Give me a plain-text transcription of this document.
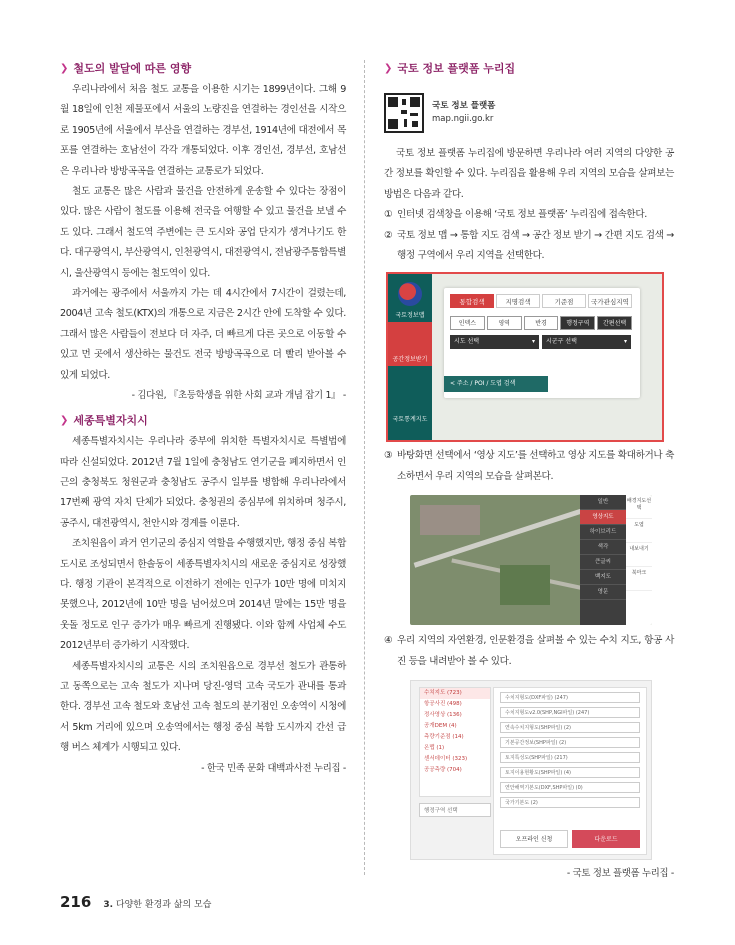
❯ 철도의 발달에 따른 영향

우리나라에서 처음 철도 교통을 이용한 시기는 1899년이다. 그해 9월 18일에 인천 제물포에서 서울의 노량진을 연결하는 경인선을 시작으로 1905년에 서울에서 부산을 연결하는 경부선, 1914년에 대전에서 목포를 연결하는 호남선이 각각 개통되었다. 이후 경인선, 경부선, 호남선은 우리나라 방방곡곡을 연결하는 교통로가 되었다.

철도 교통은 많은 사람과 물건을 안전하게 운송할 수 있다는 장점이 있다. 많은 사람이 철도를 이용해 전국을 여행할 수 있고 물건을 보낼 수도 있다. 그래서 철도역 주변에는 큰 도시와 공업 단지가 생겨나기도 한다. 대구광역시, 부산광역시, 인천광역시, 대전광역시, 전남광주통합특별시, 울산광역시 등에는 철도역이 있다.

과거에는 광주에서 서울까지 가는 데 4시간에서 7시간이 걸렸는데, 2004년 고속 철도(KTX)의 개통으로 지금은 2시간 안에 도착할 수 있다. 그래서 많은 사람들이 전보다 더 자주, 더 빠르게 다른 곳으로 이동할 수 있고 먼 곳에서 생산하는 물건도 전국 방방곡곡으로 더 빨리 받아볼 수 있게 되었다.

- 김다원, 『초등학생을 위한 사회 교과 개념 잡기 1』 -
❯ 세종특별자치시

세종특별자치시는 우리나라 중부에 위치한 특별자치시로 특별법에 따라 신설되었다. 2012년 7월 1일에 충청남도 연기군을 폐지하면서 인근의 충청북도 청원군과 충청남도 공주시 일부를 병합해 우리나라에서 17번째 광역 자치 단체가 되었다. 충청권의 중심부에 위치하며 청주시, 공주시, 대전광역시, 천안시와 경계를 이룬다.

조치원읍이 과거 연기군의 중심지 역할을 수행했지만, 행정 중심 복합 도시로 조성되면서 한솔동이 세종특별자치시의 새로운 중심지로 성장했다. 행정 기관이 본격적으로 이전하기 전에는 인구가 10만 명에 미치지 못했으나, 2012년에 10만 명을 넘어섰으며 2014년 말에는 15만 명을 웃돌 정도로 인구 증가가 매우 빠르게 진행됐다. 이와 함께 사업체 수도 2012년부터 증가하기 시작했다.

세종특별자치시의 교통은 시의 조치원읍으로 경부선 철도가 관통하고 동쪽으로는 고속 철도가 지나며 당진-영덕 고속 국도가 관내를 통과한다. 경부선 고속 철도와 호남선 고속 철도의 분기점인 오송역이 시청에서 5km 거리에 있으며 오송역에서는 행정 중심 복합 도시까지 간선 급행 버스 체계가 시행되고 있다.

- 한국 민족 문화 대백과사전 누리집 -
❯ 국토 정보 플랫폼 누리집
국토 정보 플랫폼
map.ngii.go.kr

국토 정보 플랫폼 누리집에 방문하면 우리나라 여러 지역의 다양한 공간 정보를 확인할 수 있다. 누리집을 활용해 우리 지역의 모습을 살펴보는 방법은 다음과 같다.

① 인터넷 검색창을 이용해 ‘국토 정보 플랫폼’ 누리집에 접속한다.
② 국토 정보 맵 → 통합 지도 검색 → 공간 정보 받기 → 간편 지도 검색 → 행정 구역에서 우리 지역을 선택한다.
국토정보맵
공간정보받기
국토통계지도
통합검색	지명검색	기준점	국가관심지역
인덱스	영역	반경	행정구역	간편선택
시도 선택	▾ 시군구 선택	▾
< 주소 / POI / 도엽 검색
③ 바탕화면 선택에서 ‘영상 지도’를 선택하고 영상 지도를 확대하거나 축소하면서 우리 지역의 모습을 살펴본다.
일반
영상지도
하이브리드
색각
큰글씨
백지도
영문
배경지도선택
도엽
내보내기
북마크
④ 우리 지역의 자연환경, 인문환경을 살펴볼 수 있는 수치 지도, 항공 사진 등을 내려받아 볼 수 있다.
수치지도 (723)
항공사진 (498)
정사영상 (136)
공개DEM (4)
측량기준점 (14)
온맵 (1)
센서데이터 (323)
공공측량 (704)
행정구역 선택
수치지형도(DXF파일) (247)
수치지형도v2.0(SHP,NGI파일) (247)
연속수치지형도(SHP파일) (2)
기본공간정보(SHP파일) (2)
토지특성도(SHP파일) (217)
토지이용현황도(SHP파일) (4)
연안해역기본도(DXF,SHP파일) (0)
국가기본도 (2)
오프라인 신청	다운로드
- 국토 정보 플랫폼 누리집 -
216 3. 다양한 환경과 삶의 모습
